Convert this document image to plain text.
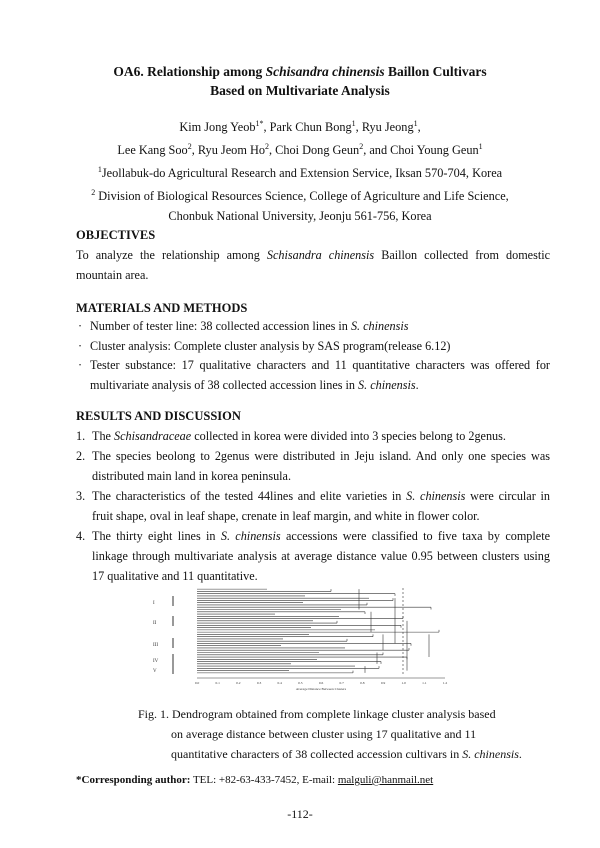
OA6. Relationship among Schisandra chinensis Baillon Cultivars
Based on Multivariate Analysis
Kim Jong Yeob$^{1*}$, Park Chun Bong$^1$, Ryu Jeong$^1$,
Lee Kang Soo$^2$, Ryu Jeom Ho$^2$, Choi Dong Geun$^2$, and Choi Young Geun$^1$
$^1$Jeollabuk-do Agricultural Research and Extension Service, Iksan 570-704, Korea
$^2$ Division of Biological Resources Science, College of Agriculture and Life Science,
Chonbuk National University, Jeonju 561-756, Korea
OBJECTIVES
To analyze the relationship among Schisandra chinensis Baillon collected from domestic mountain area.
MATERIALS AND METHODS
· Number of tester line: 38 collected accession lines in S. chinensis
· Cluster analysis: Complete cluster analysis by SAS program(release 6.12)
· Tester substance: 17 qualitative characters and 11 quantitative characters was offered for multivariate analysis of 38 collected accession lines in S. chinensis.
RESULTS AND DISCUSSION
1. The Schisandraceae collected in korea were divided into 3 species belong to 2genus.
2. The species beolong to 2genus were distributed in Jeju island. And only one species was distributed main land in korea peninsula.
3. The characteristics of the tested 44lines and elite varieties in S. chinensis were circular in fruit shape, oval in leaf shape, crenate in leaf margin, and white in flower color.
4. The thirty eight lines in S. chinensis accessions were classified to five taxa by complete linkage through multivariate analysis at average distance value 0.95 between clusters using 17 qualitative and 11 quantitative.
I
II
III
IV
V
0.0	0.1	0.2	0.3	0.4	0.5	0.6	0.7	0.8	0.9	1.0	1.1	1.2
Average Distance Between Clusters
Fig. 1. Dendrogram obtained from complete linkage cluster analysis based
on average distance between cluster using 17 qualitative and 11
quantitative characters of 38 collected accession cultivars in S. chinensis.
*Corresponding author: TEL: +82-63-433-7452, E-mail: malguli@hanmail.net
-112-
